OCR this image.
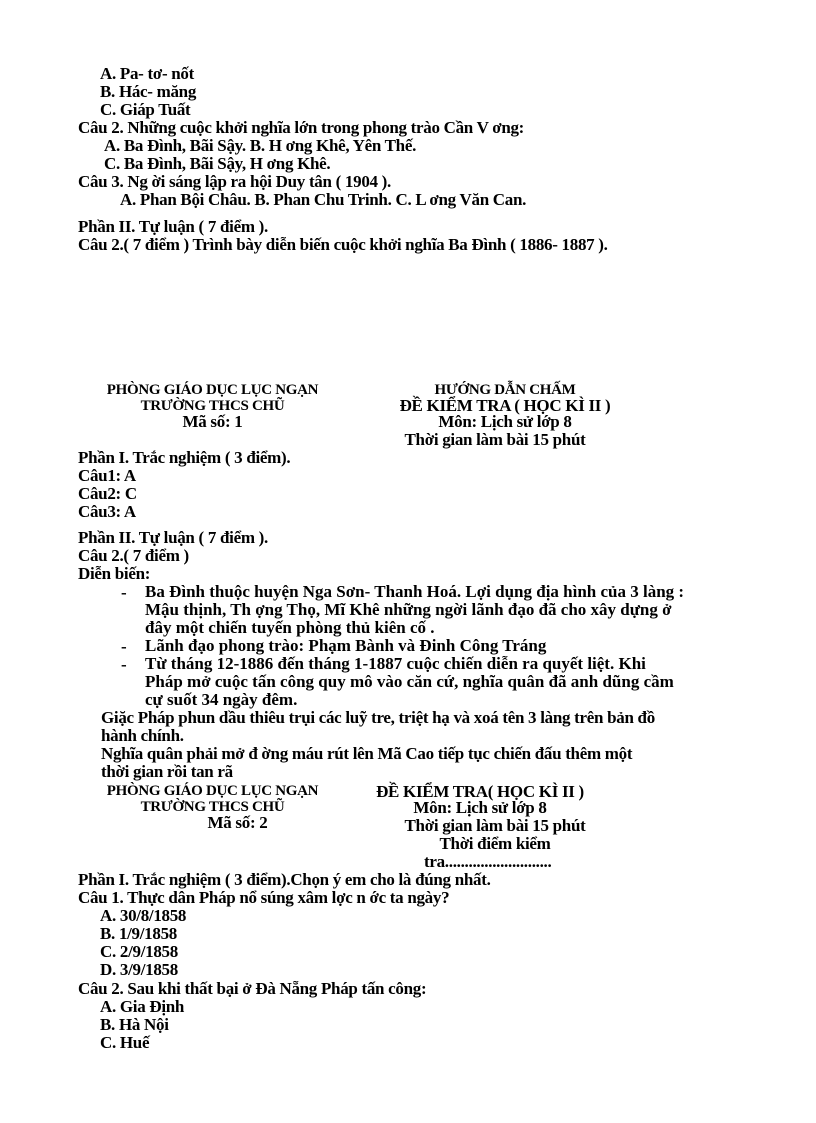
A. Pa- tơ- nốt
B. Hác- măng
C. Giáp Tuất
Câu 2. Những cuộc khởi nghĩa lớn trong phong trào Cần V ơng:
A. Ba Đình, Bãi Sậy. B. H ơng Khê, Yên Thế.
C. Ba Đình, Bãi Sậy, H ơng Khê.
Câu 3. Ng ời sáng lập ra hội Duy tân ( 1904 ).
A. Phan Bội Châu. B. Phan Chu Trinh. C. L ơng Văn Can.
Phần II. Tự luận ( 7 điểm ).
Câu 2.( 7 điểm ) Trình bày diễn biến cuộc khởi nghĩa Ba Đình ( 1886- 1887 ).
PHÒNG GIÁO DỤC LỤC NGẠN
TRƯỜNG THCS CHŨ
Mã số: 1
HƯỚNG DẪN CHẤM
ĐỀ KIỂM TRA ( HỌC KÌ II )
Môn: Lịch sử lớp 8
Thời gian làm bài 15 phút
Phần I. Trắc nghiệm ( 3 điểm).
Câu1: A
Câu2: C
Câu3: A
Phần II. Tự luận ( 7 điểm ).
Câu 2.( 7 điểm )
Diễn biến:
- Ba Đình thuộc huyện Nga Sơn- Thanh Hoá. Lợi dụng địa hình của 3 làng :
Mậu thịnh, Th ợng Thọ, Mĩ Khê những ngời lãnh đạo đã cho xây dựng ở
đây một chiến tuyến phòng thủ kiên cố .
- Lãnh đạo phong trào: Phạm Bành và Đinh Công Tráng
- Từ tháng 12-1886 đến tháng 1-1887 cuộc chiến diễn ra quyết liệt. Khi
Pháp mở cuộc tấn công quy mô vào căn cứ, nghĩa quân đã anh dũng cầm
cự suốt 34 ngày đêm.
Giặc Pháp phun dầu thiêu trụi các luỹ tre, triệt hạ và xoá tên 3 làng trên bản đồ
hành chính.
Nghĩa quân phải mở đ ờng máu rút lên Mã Cao tiếp tục chiến đấu thêm một
thời gian rồi tan rã
PHÒNG GIÁO DỤC LỤC NGẠN
TRƯỜNG THCS CHŨ
Mã số: 2
ĐỀ KIỂM TRA( HỌC KÌ II )
Môn: Lịch sử lớp 8
Thời gian làm bài 15 phút
Thời điểm kiểm
tra...........................
Phần I. Trắc nghiệm ( 3 điểm).Chọn ý em cho là đúng nhất.
Câu 1. Thực dân Pháp nổ súng xâm lợc n ớc ta ngày?
A. 30/8/1858
B. 1/9/1858
C. 2/9/1858
D. 3/9/1858
Câu 2. Sau khi thất bại ở Đà Nẵng Pháp tấn công:
A. Gia Định
B. Hà Nội
C. Huế
